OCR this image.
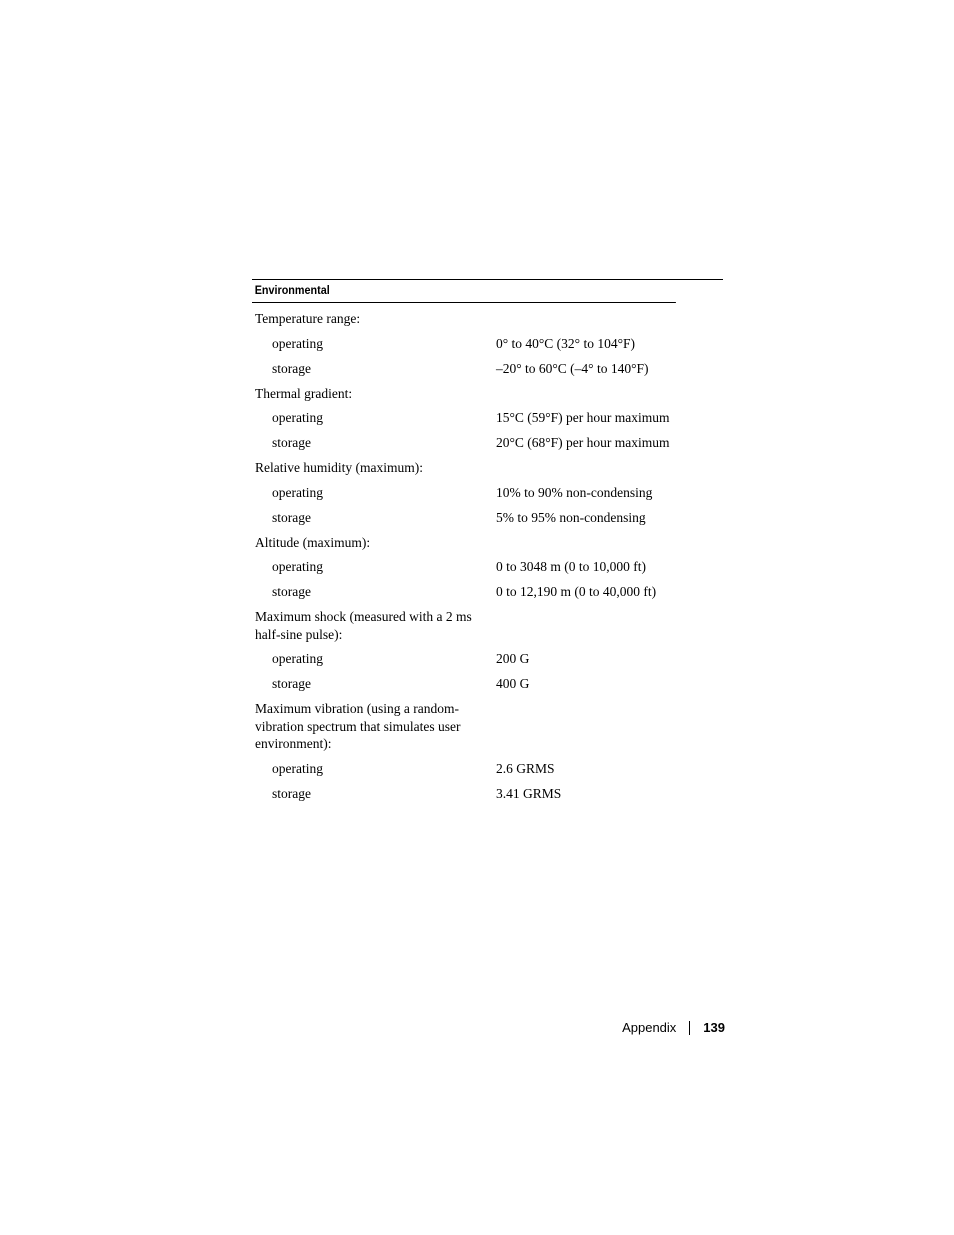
Environmental
Temperature range:
operating	0° to 40°C (32° to 104°F)
storage	–20° to 60°C (–4° to 140°F)
Thermal gradient:
operating	15°C (59°F) per hour maximum
storage	20°C (68°F) per hour maximum
Relative humidity (maximum):
operating	10% to 90% non-condensing
storage	5% to 95% non-condensing
Altitude (maximum):
operating	0 to 3048 m (0 to 10,000 ft)
storage	0 to 12,190 m (0 to 40,000 ft)
Maximum shock (measured with a 2 ms half-sine pulse):
operating	200 G
storage	400 G
Maximum vibration (using a random-vibration spectrum that simulates user environment):
operating	2.6 GRMS
storage	3.41 GRMS
Appendix 139
